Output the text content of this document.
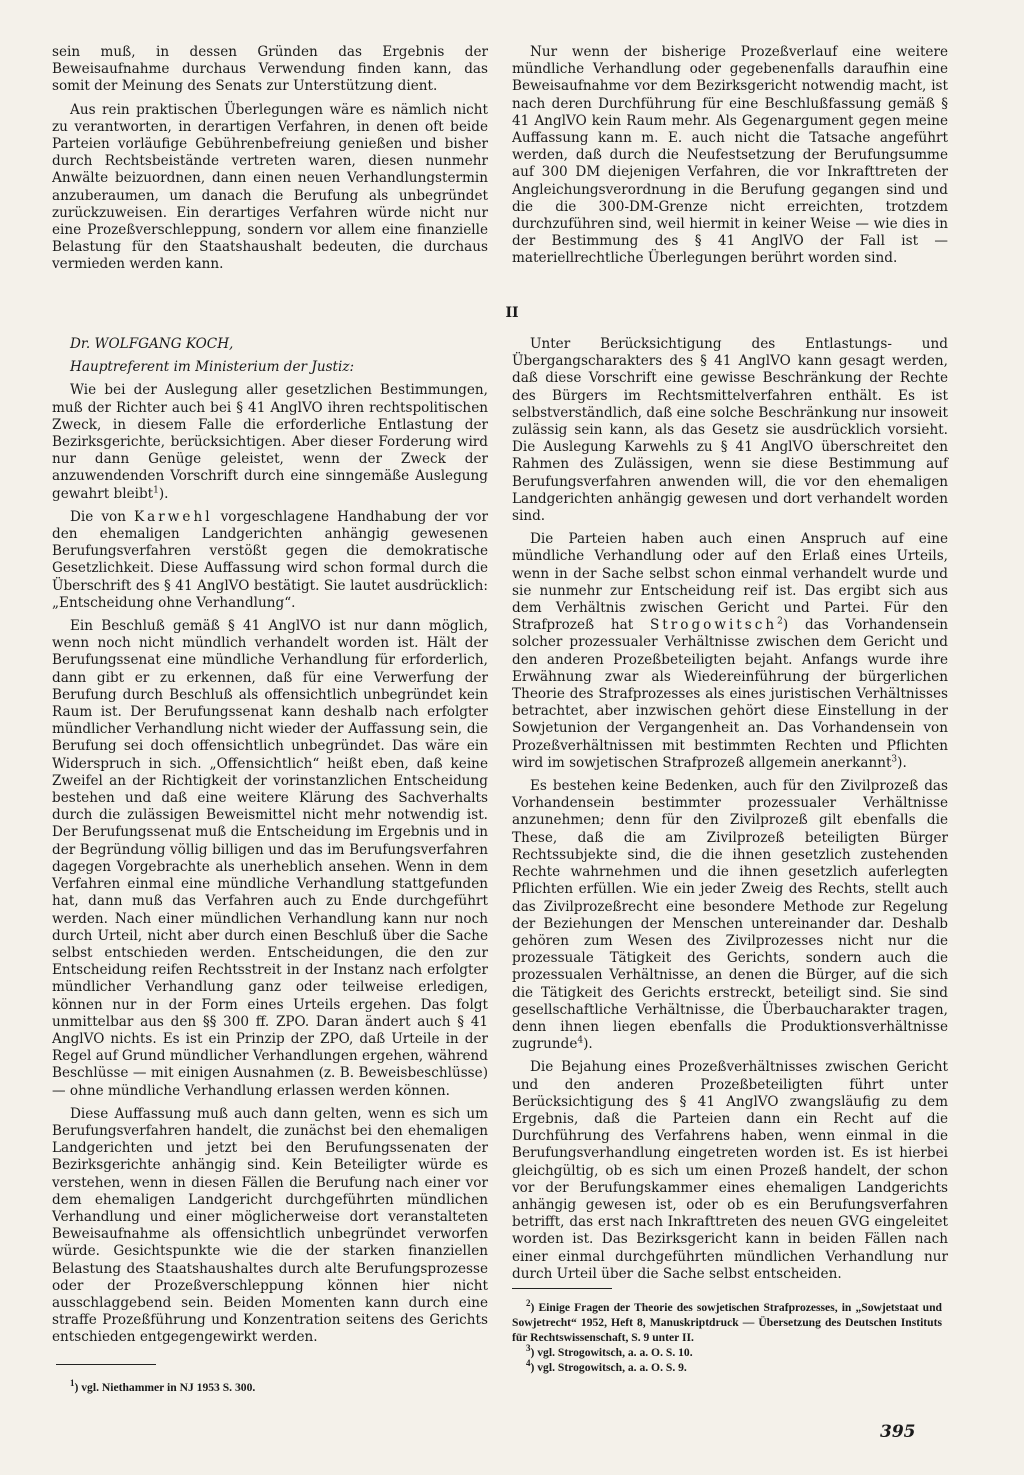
sein muß, in dessen Gründen das Ergebnis der Beweisaufnahme durchaus Verwendung finden kann, das somit der Meinung des Senats zur Unterstützung dient.

Aus rein praktischen Überlegungen wäre es nämlich nicht zu verantworten, in derartigen Verfahren, in denen oft beide Parteien vorläufige Gebührenbefreiung genießen und bisher durch Rechtsbeistände vertreten waren, diesen nunmehr Anwälte beizuordnen, dann einen neuen Verhandlungstermin anzuberaumen, um danach die Berufung als unbegründet zurückzuweisen. Ein derartiges Verfahren würde nicht nur eine Prozeßverschleppung, sondern vor allem eine finanzielle Belastung für den Staatshaushalt bedeuten, die durchaus vermieden werden kann.

Nur wenn der bisherige Prozeßverlauf eine weitere mündliche Verhandlung oder gegebenenfalls daraufhin eine Beweisaufnahme vor dem Bezirksgericht notwendig macht, ist nach deren Durchführung für eine Beschlußfassung gemäß § 41 AnglVO kein Raum mehr. Als Gegenargument gegen meine Auffassung kann m. E. auch nicht die Tatsache angeführt werden, daß durch die Neufestsetzung der Berufungsumme auf 300 DM diejenigen Verfahren, die vor Inkrafttreten der Angleichungsverordnung in die Berufung gegangen sind und die die 300-DM-Grenze nicht erreichten, trotzdem durchzuführen sind, weil hiermit in keiner Weise — wie dies in der Bestimmung des § 41 AnglVO der Fall ist — materiellrechtliche Überlegungen berührt worden sind.

II

Dr. WOLFGANG KOCH,

Hauptreferent im Ministerium der Justiz:

Wie bei der Auslegung aller gesetzlichen Bestimmungen, muß der Richter auch bei § 41 AnglVO ihren rechtspolitischen Zweck, in diesem Falle die erforderliche Entlastung der Bezirksgerichte, berücksichtigen. Aber dieser Forderung wird nur dann Genüge geleistet, wenn der Zweck der anzuwendenden Vorschrift durch eine sinngemäße Auslegung gewahrt bleibt$^1$).

Die von Karwehl vorgeschlagene Handhabung der vor den ehemaligen Landgerichten anhängig gewesenen Berufungsverfahren verstößt gegen die demokratische Gesetzlichkeit. Diese Auffassung wird schon formal durch die Überschrift des § 41 AnglVO bestätigt. Sie lautet ausdrücklich: „Entscheidung ohne Verhandlung“.

Ein Beschluß gemäß § 41 AnglVO ist nur dann möglich, wenn noch nicht mündlich verhandelt worden ist. Hält der Berufungssenat eine mündliche Verhandlung für erforderlich, dann gibt er zu erkennen, daß für eine Verwerfung der Berufung durch Beschluß als offensichtlich unbegründet kein Raum ist. Der Berufungssenat kann deshalb nach erfolgter mündlicher Verhandlung nicht wieder der Auffassung sein, die Berufung sei doch offensichtlich unbegründet. Das wäre ein Widerspruch in sich. „Offensichtlich“ heißt eben, daß keine Zweifel an der Richtigkeit der vorinstanzlichen Entscheidung bestehen und daß eine weitere Klärung des Sachverhalts durch die zulässigen Beweismittel nicht mehr notwendig ist. Der Berufungssenat muß die Entscheidung im Ergebnis und in der Begründung völlig billigen und das im Berufungsverfahren dagegen Vorgebrachte als unerheblich ansehen. Wenn in dem Verfahren einmal eine mündliche Verhandlung stattgefunden hat, dann muß das Verfahren auch zu Ende durchgeführt werden. Nach einer mündlichen Verhandlung kann nur noch durch Urteil, nicht aber durch einen Beschluß über die Sache selbst entschieden werden. Entscheidungen, die den zur Entscheidung reifen Rechtsstreit in der Instanz nach erfolgter mündlicher Verhandlung ganz oder teilweise erledigen, können nur in der Form eines Urteils ergehen. Das folgt unmittelbar aus den §§ 300 ff. ZPO. Daran ändert auch § 41 AnglVO nichts. Es ist ein Prinzip der ZPO, daß Urteile in der Regel auf Grund mündlicher Verhandlungen ergehen, während Beschlüsse — mit einigen Ausnahmen (z. B. Beweisbeschlüsse) — ohne mündliche Verhandlung erlassen werden können.

Diese Auffassung muß auch dann gelten, wenn es sich um Berufungsverfahren handelt, die zunächst bei den ehemaligen Landgerichten und jetzt bei den Berufungssenaten der Bezirksgerichte anhängig sind. Kein Beteiligter würde es verstehen, wenn in diesen Fällen die Berufung nach einer vor dem ehemaligen Landgericht durchgeführten mündlichen Verhandlung und einer möglicherweise dort veranstalteten Beweisaufnahme als offensichtlich unbegründet verworfen würde. Gesichtspunkte wie die der starken finanziellen Belastung des Staatshaushaltes durch alte Berufungsprozesse oder der Prozeßverschleppung können hier nicht ausschlaggebend sein. Beiden Momenten kann durch eine straffe Prozeßführung und Konzentration seitens des Gerichts entschieden entgegengewirkt werden.

Unter Berücksichtigung des Entlastungs- und Übergangscharakters des § 41 AnglVO kann gesagt werden, daß diese Vorschrift eine gewisse Beschränkung der Rechte des Bürgers im Rechtsmittelverfahren enthält. Es ist selbstverständlich, daß eine solche Beschränkung nur insoweit zulässig sein kann, als das Gesetz sie ausdrücklich vorsieht. Die Auslegung Karwehls zu § 41 AnglVO überschreitet den Rahmen des Zulässigen, wenn sie diese Bestimmung auf Berufungsverfahren anwenden will, die vor den ehemaligen Landgerichten anhängig gewesen und dort verhandelt worden sind.

Die Parteien haben auch einen Anspruch auf eine mündliche Verhandlung oder auf den Erlaß eines Urteils, wenn in der Sache selbst schon einmal verhandelt wurde und sie nunmehr zur Entscheidung reif ist. Das ergibt sich aus dem Verhältnis zwischen Gericht und Partei. Für den Strafprozeß hat Strogowitsch$^2$) das Vorhandensein solcher prozessualer Verhältnisse zwischen dem Gericht und den anderen Prozeßbeteiligten bejaht. Anfangs wurde ihre Erwähnung zwar als Wiedereinführung der bürgerlichen Theorie des Strafprozesses als eines juristischen Verhältnisses betrachtet, aber inzwischen gehört diese Einstellung in der Sowjetunion der Vergangenheit an. Das Vorhandensein von Prozeßverhältnissen mit bestimmten Rechten und Pflichten wird im sowjetischen Strafprozeß allgemein anerkannt$^3$).

Es bestehen keine Bedenken, auch für den Zivilprozeß das Vorhandensein bestimmter prozessualer Verhältnisse anzunehmen; denn für den Zivilprozeß gilt ebenfalls die These, daß die am Zivilprozeß beteiligten Bürger Rechtssubjekte sind, die die ihnen gesetzlich zustehenden Rechte wahrnehmen und die ihnen gesetzlich auferlegten Pflichten erfüllen. Wie ein jeder Zweig des Rechts, stellt auch das Zivilprozeßrecht eine besondere Methode zur Regelung der Beziehungen der Menschen untereinander dar. Deshalb gehören zum Wesen des Zivilprozesses nicht nur die prozessuale Tätigkeit des Gerichts, sondern auch die prozessualen Verhältnisse, an denen die Bürger, auf die sich die Tätigkeit des Gerichts erstreckt, beteiligt sind. Sie sind gesellschaftliche Verhältnisse, die Überbaucharakter tragen, denn ihnen liegen ebenfalls die Produktionsverhältnisse zugrunde$^4$).

Die Bejahung eines Prozeßverhältnisses zwischen Gericht und den anderen Prozeßbeteiligten führt unter Berücksichtigung des § 41 AnglVO zwangsläufig zu dem Ergebnis, daß die Parteien dann ein Recht auf die Durchführung des Verfahrens haben, wenn einmal in die Berufungsverhandlung eingetreten worden ist. Es ist hierbei gleichgültig, ob es sich um einen Prozeß handelt, der schon vor der Berufungskammer eines ehemaligen Landgerichts anhängig gewesen ist, oder ob es ein Berufungsverfahren betrifft, das erst nach Inkrafttreten des neuen GVG eingeleitet worden ist. Das Bezirksgericht kann in beiden Fällen nach einer einmal durchgeführten mündlichen Verhandlung nur durch Urteil über die Sache selbst entscheiden.

$^2$) Einige Fragen der Theorie des sowjetischen Strafprozesses, in „Sowjetstaat und Sowjetrecht“ 1952, Heft 8, Manuskriptdruck — Übersetzung des Deutschen Instituts für Rechtswissenschaft, S. 9 unter II.

$^3$) vgl. Strogowitsch, a. a. O. S. 10.

$^4$) vgl. Strogowitsch, a. a. O. S. 9.

$^1$) vgl. Niethammer in NJ 1953 S. 300.

395
